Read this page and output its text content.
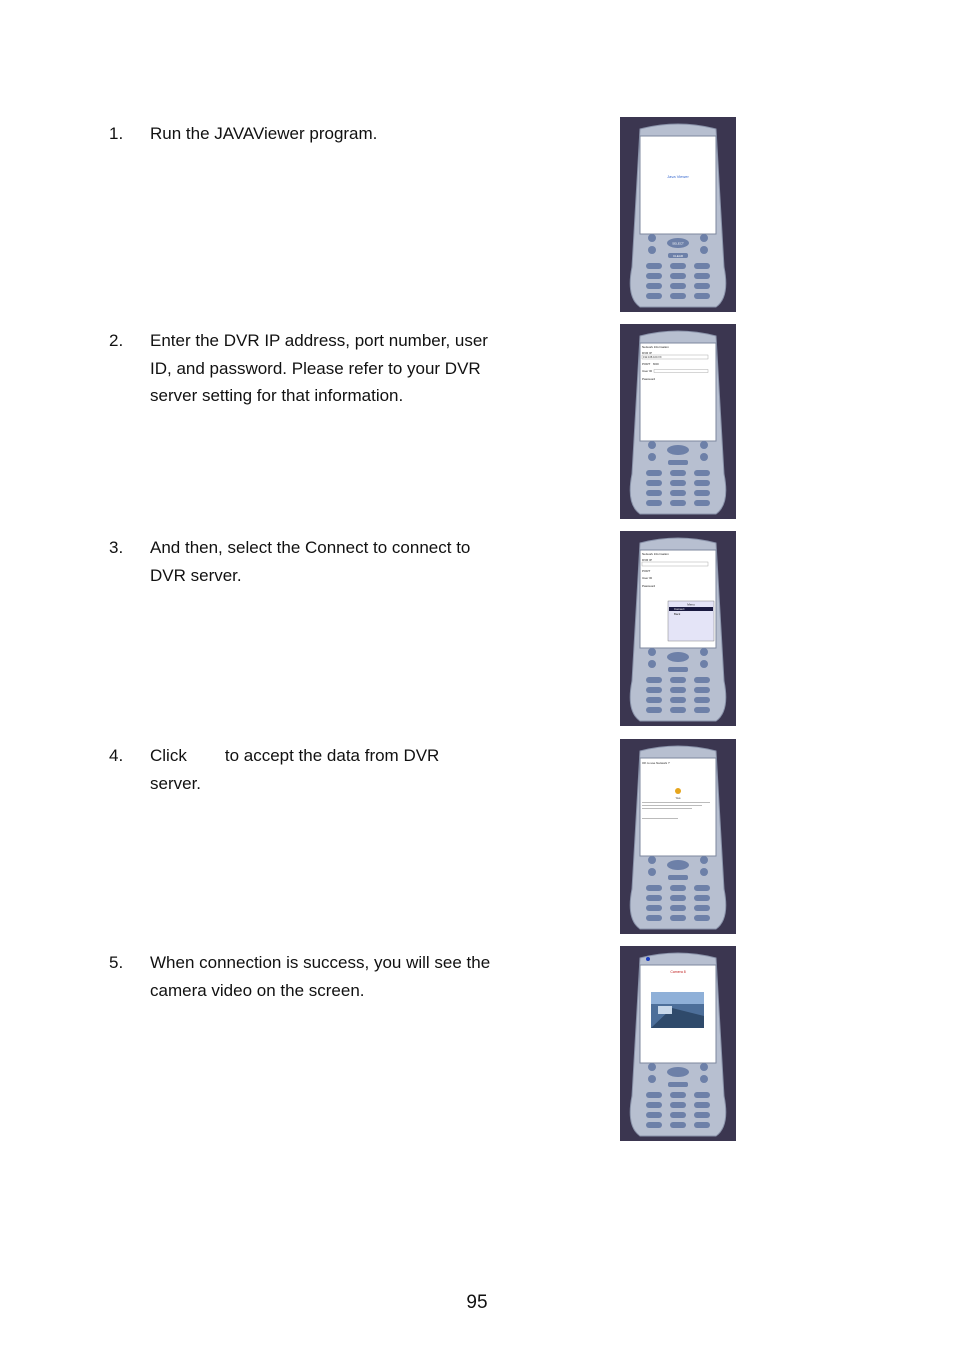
1. Run the JAVAViewer program.
2. Enter the DVR IP address, port number, user ID, and password. Please refer to your DVR server setting for that information.
3. And then, select the Connect to connect to DVR server.
4. Click to accept the data from DVR server.
5. When connection is success, you will see the camera video on the screen.
Java Viewer
SELECT
CLEAR
Network Information
DVR IP
192.168.100.XX
PORT 8000
User ID
Password
Network Information
DVR IP
PORT
User ID
Password
Menu
Connect
Back
OK to use Network ?
Yes
Camera 8
95
